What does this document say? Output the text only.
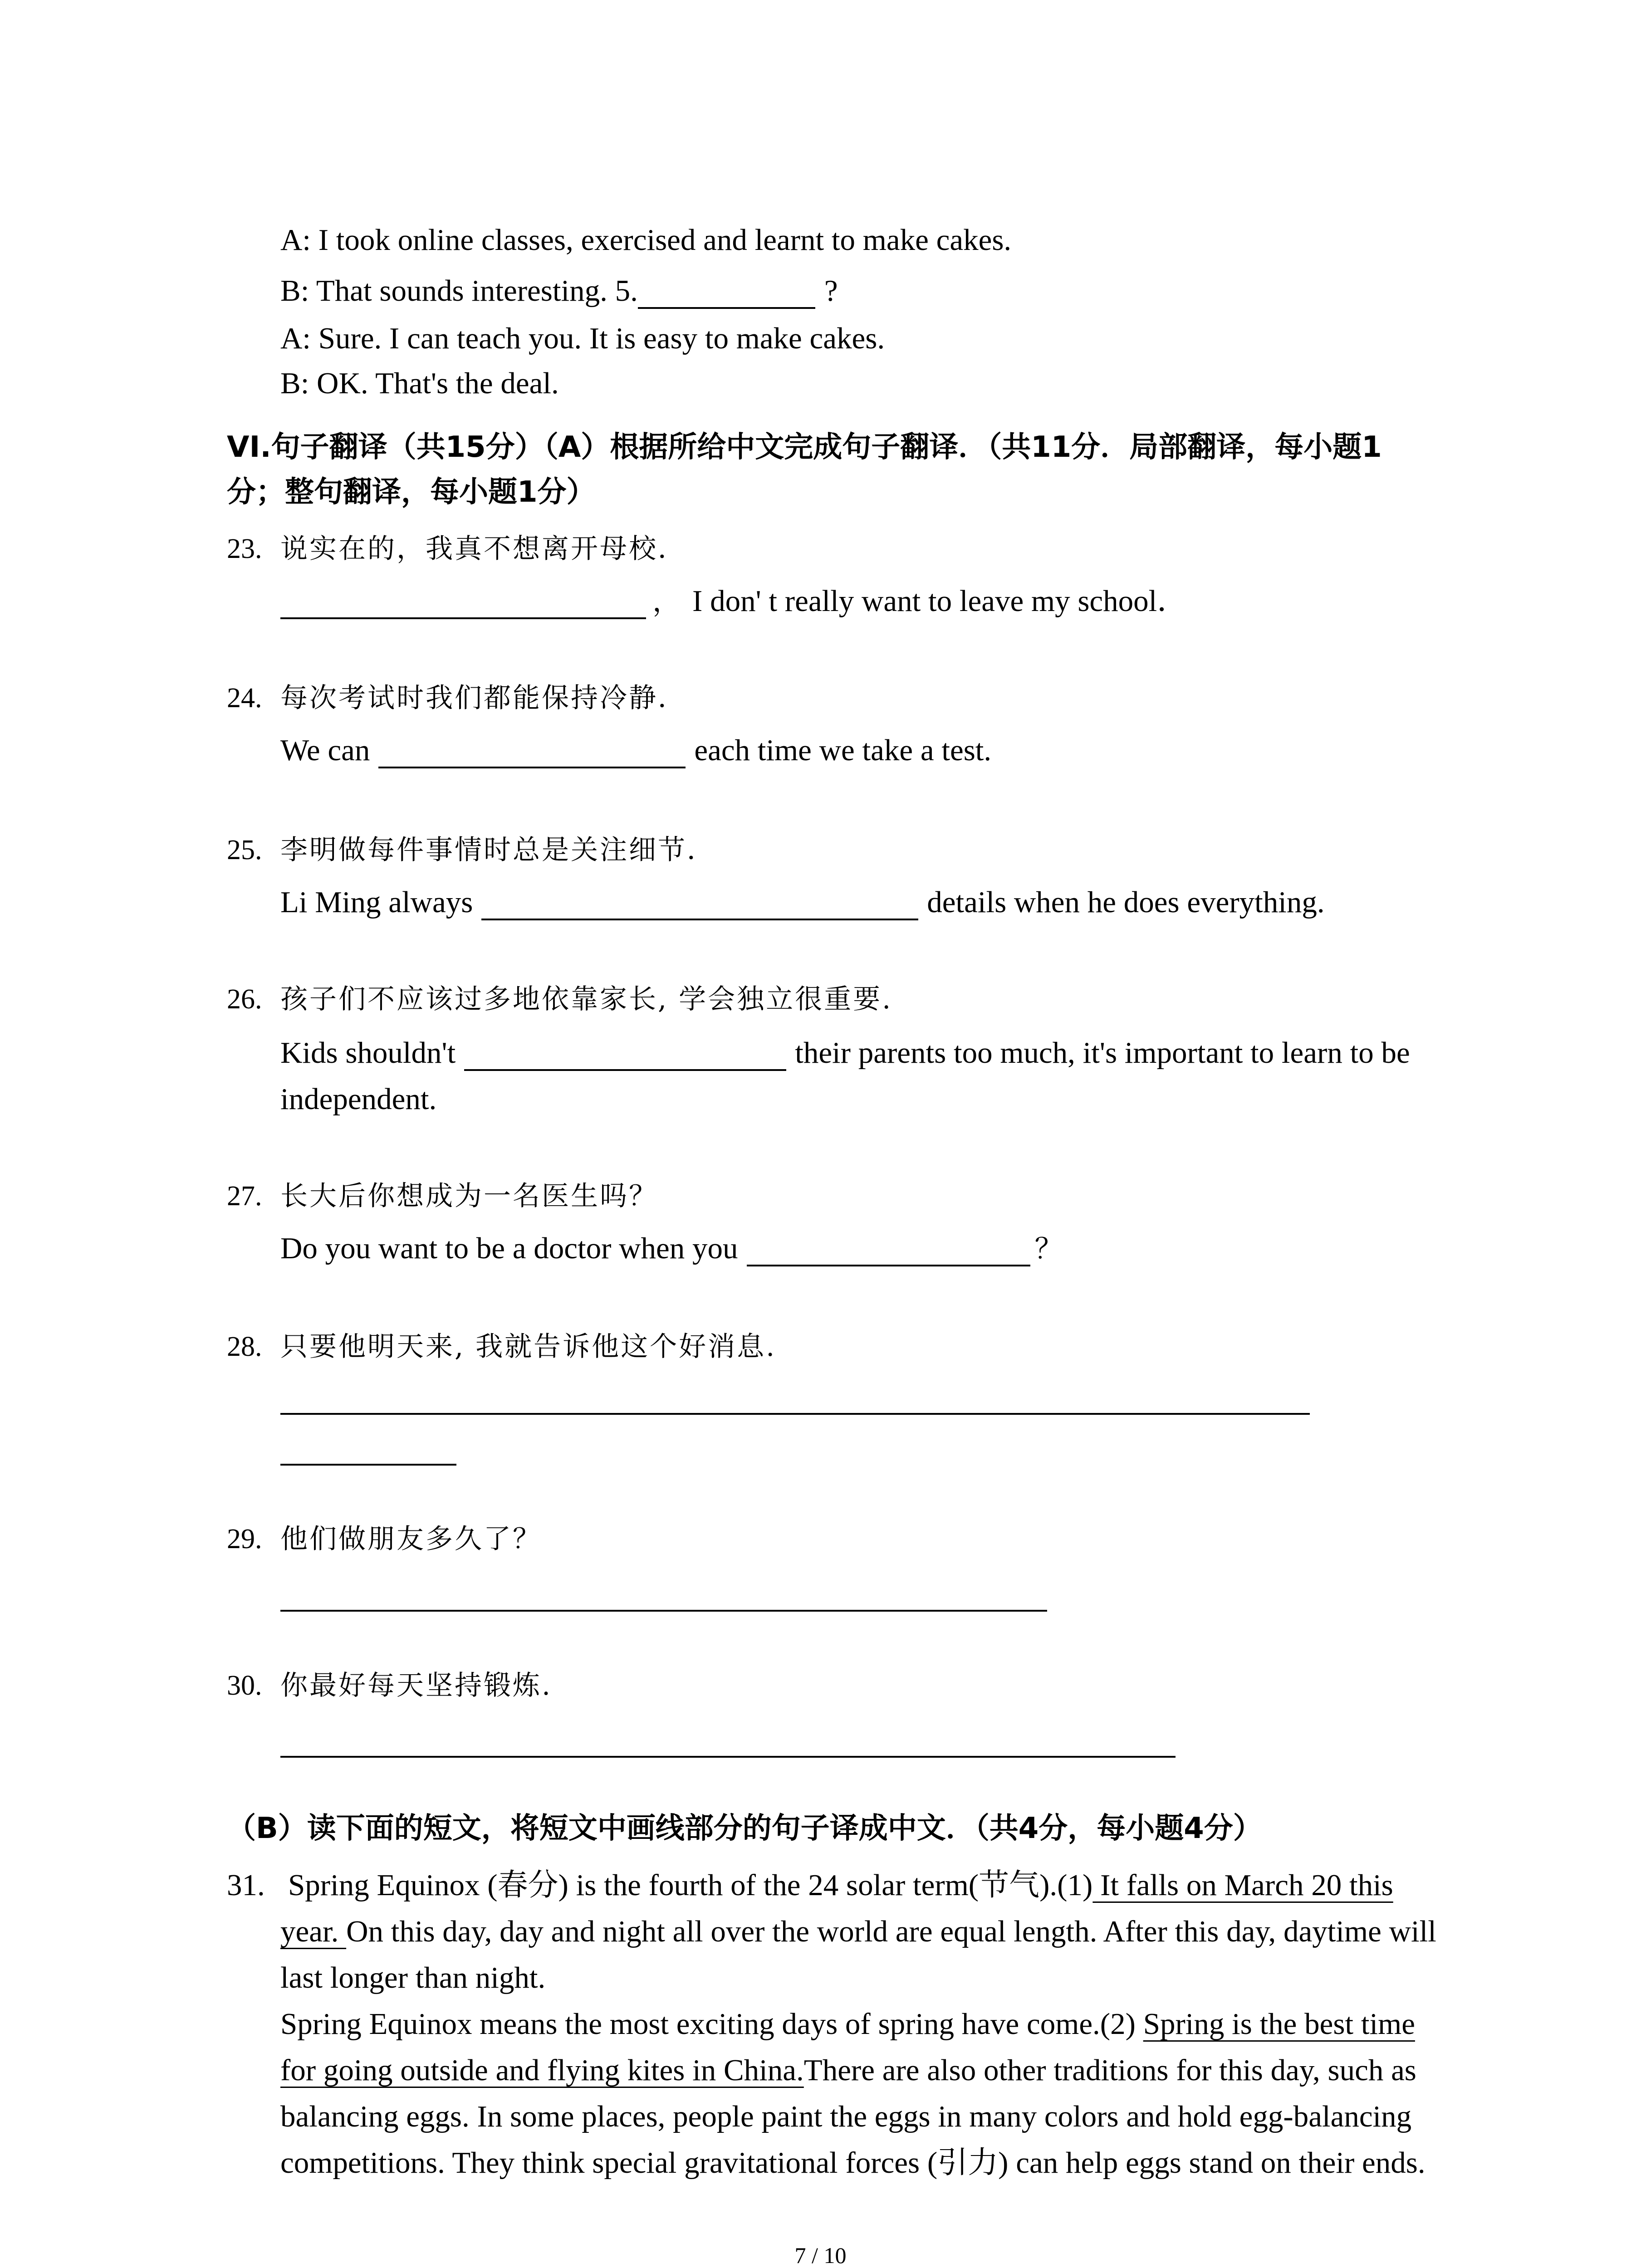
A: I took online classes, exercised and learnt to make cakes.
B: That sounds interesting. 5.	?
A: Sure. I can teach you. It is easy to make cakes.
B: OK. That's the deal.
VI.句子翻译（共15分）（A）根据所给中文完成句子翻译．（共11分．局部翻译，每小题1
分；整句翻译，每小题1分）
23. 说实在的，我真不想离开母校．
， I don' t really want to leave my school．
24. 每次考试时我们都能保持冷静．
We can	each time we take a test.
25. 李明做每件事情时总是关注细节．
Li Ming always	details when he does everything.
26. 孩子们不应该过多地依靠家长, 学会独立很重要.
Kids shouldn't	their parents too much, it's important to learn to be
independent.
27. 长大后你想成为一名医生吗？
Do you want to be a doctor when you	？
28. 只要他明天来, 我就告诉他这个好消息.
29. 他们做朋友多久了？
30. 你最好每天坚持锻炼.
（B）读下面的短文，将短文中画线部分的句子译成中文．（共4分，每小题4分）
31. Spring Equinox (春分) is the fourth of the 24 solar term(节气).(1) It falls on March 20 this
year. On this day, day and night all over the world are equal length. After this day, daytime will
last longer than night.
Spring Equinox means the most exciting days of spring have come.(2) Spring is the best time
for going outside and flying kites in China.There are also other traditions for this day, such as
balancing eggs. In some places, people paint the eggs in many colors and hold egg-balancing
competitions. They think special gravitational forces (引力) can help eggs stand on their ends.
7 / 10
